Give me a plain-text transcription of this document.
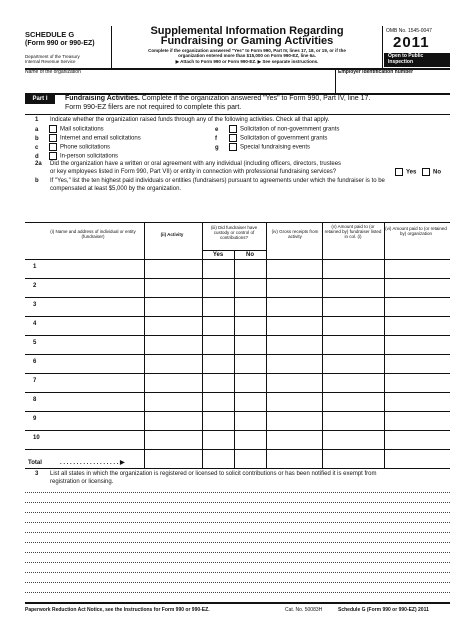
SCHEDULE G
(Form 990 or 990-EZ)
Department of the Treasury
Internal Revenue Service
Supplemental Information Regarding
Fundraising or Gaming Activities
Complete if the organization answered "Yes" to Form 990, Part IV, lines 17, 18, or 19, or if the
organization entered more than $15,000 on Form 990-EZ, line 6a.
▶ Attach to Form 990 or Form 990-EZ. ▶ See separate instructions.
OMB No. 1545-0047
2011
Open to Public
Inspection
Name of the organization	Employer identification number
Part I	Fundraising Activities. Complete if the organization answered "Yes" to Form 990, Part IV, line 17.
Form 990-EZ filers are not required to complete this part.
1 Indicate whether the organization raised funds through any of the following activities. Check all that apply.
a	Mail solicitations
b	Internet and email solicitations
c	Phone solicitations
d	In-person solicitations
e	Solicitation of non-government grants
f	Solicitation of government grants
g	Special fundraising events
2a Did the organization have a written or oral agreement with any individual (including officers, directors, trustees
or key employees listed in Form 990, Part VII) or entity in connection with professional fundraising services?	Yes	No
b If "Yes," list the ten highest paid individuals or entities (fundraisers) pursuant to agreements under which the fundraiser is to be
compensated at least $5,000 by the organization.
(i) Name and address of individual or entity (fundraiser)	(ii) Activity
(iii) Did fundraiser have custody or control of contributions?
(iv) Gross receipts from activity
(v) Amount paid to (or retained by) fundraiser listed in col. (i)
(vi) Amount paid to (or retained by) organization
Yes	No
1
2
3
4
5
6
7
8
9
10
Total	. . . . . . . . . . . . . . . . . . ▶
3 List all states in which the organization is registered or licensed to solicit contributions or has been notified it is exempt from
registration or licensing.
Paperwork Reduction Act Notice, see the Instructions for Form 990 or 990-EZ.	Cat. No. 50083H	Schedule G (Form 990 or 990-EZ) 2011
